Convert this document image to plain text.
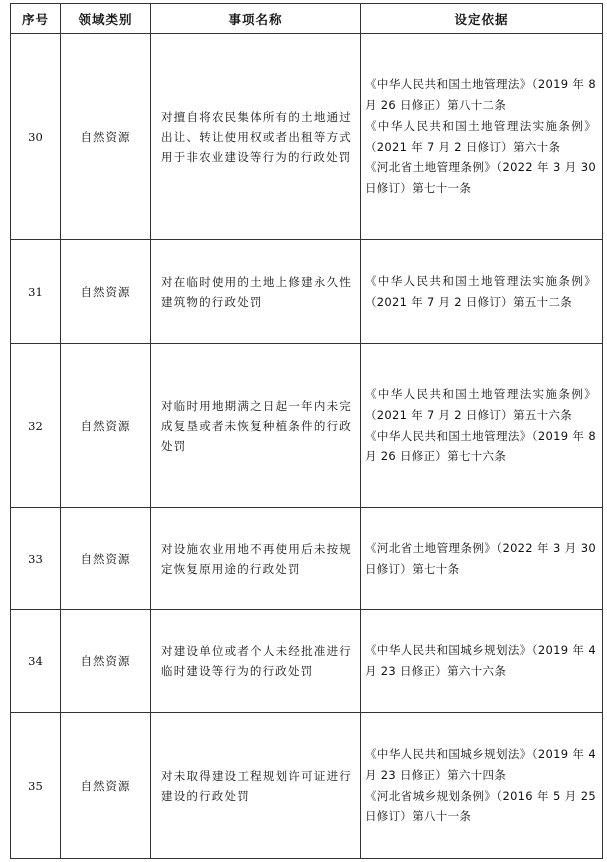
序号	领域类别	事项名称	设定依据
30	自然资源	对擅自将农民集体所有的土地通过出让、转让使用权或者出租等方式用于非农业建设等行为的行政处罚	《中华人民共和国土地管理法》（2019 年 8 月 26 日修正）第八十二条
《中华人民共和国土地管理法实施条例》（2021 年 7 月 2 日修订）第六十条
《河北省土地管理条例》（2022 年 3 月 30 日修订）第七十一条

31	自然资源	对在临时使用的土地上修建永久性建筑物的行政处罚	《中华人民共和国土地管理法实施条例》（2021 年 7 月 2 日修订）第五十二条

32	自然资源	对临时用地期满之日起一年内未完成复垦或者未恢复种植条件的行政处罚	《中华人民共和国土地管理法实施条例》（2021 年 7 月 2 日修订）第五十六条
《中华人民共和国土地管理法》（2019 年 8 月 26 日修正）第七十六条

33	自然资源	对设施农业用地不再使用后未按规定恢复原用途的行政处罚	《河北省土地管理条例》（2022 年 3 月 30 日修订）第七十条

34	自然资源	对建设单位或者个人未经批准进行临时建设等行为的行政处罚	《中华人民共和国城乡规划法》（2019 年 4 月 23 日修正）第六十六条

35	自然资源	对未取得建设工程规划许可证进行建设的行政处罚	《中华人民共和国城乡规划法》（2019 年 4 月 23 日修正）第六十四条
《河北省城乡规划条例》（2016 年 5 月 25 日修订）第八十一条
